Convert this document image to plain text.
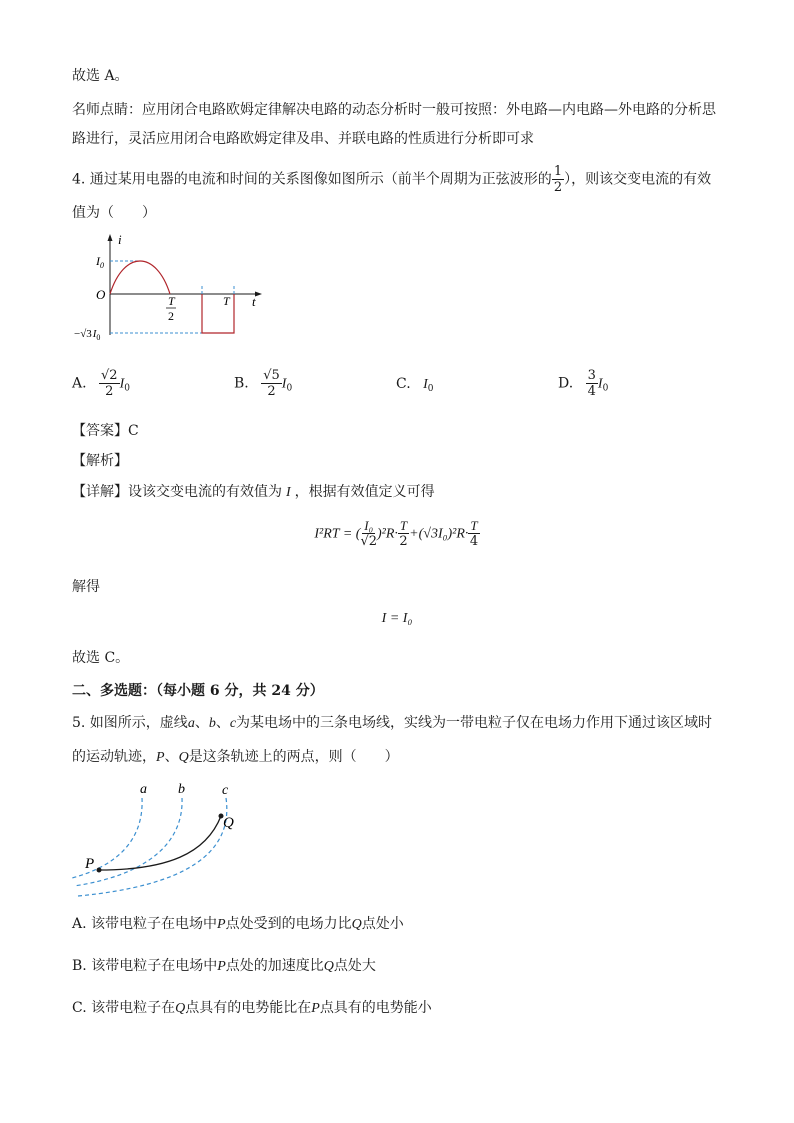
故选 A。
名师点睛：应用闭合电路欧姆定律解决电路的动态分析时一般可按照：外电路—内电路—外电路的分析思
路进行，灵活应用闭合电路欧姆定律及串、并联电路的性质进行分析即可求
4. 通过某用电器的电流和时间的关系图像如图所示（前半个周期为正弦波形的 $\frac{1}{2}$ ），则该交变电流的有效
值为（　　）
i
t
O
$I_0$
$-√3I_0$
T
2
T
A. $\frac{√2}{2} I_0$	B. $\frac{√5}{2} I_0$	C. $I_0$	D. $\frac{3}{4} I_0$
【答案】C
【解析】
【详解】设该交变电流的有效值为 I ，根据有效值定义可得
I²RT = ( $\frac{\text{I₀}}{√2} )^2R\cdot \frac{T}{2} +(√3I_0)^2R\cdot \frac{T}{4}$
解得
I = I₀
故选 C。
二、多选题：（每小题 6 分，共 24 分）
5. 如图所示，虚线a、b、c为某电场中的三条电场线，实线为一带电粒子仅在电场力作用下通过该区域时
的运动轨迹，P、Q是这条轨迹上的两点，则（　　）
a b	c
P
Q
A. 该带电粒子在电场中P点处受到的电场力比Q点处小
B. 该带电粒子在电场中P点处的加速度比Q点处大
C. 该带电粒子在Q点具有的电势能比在P点具有的电势能小
